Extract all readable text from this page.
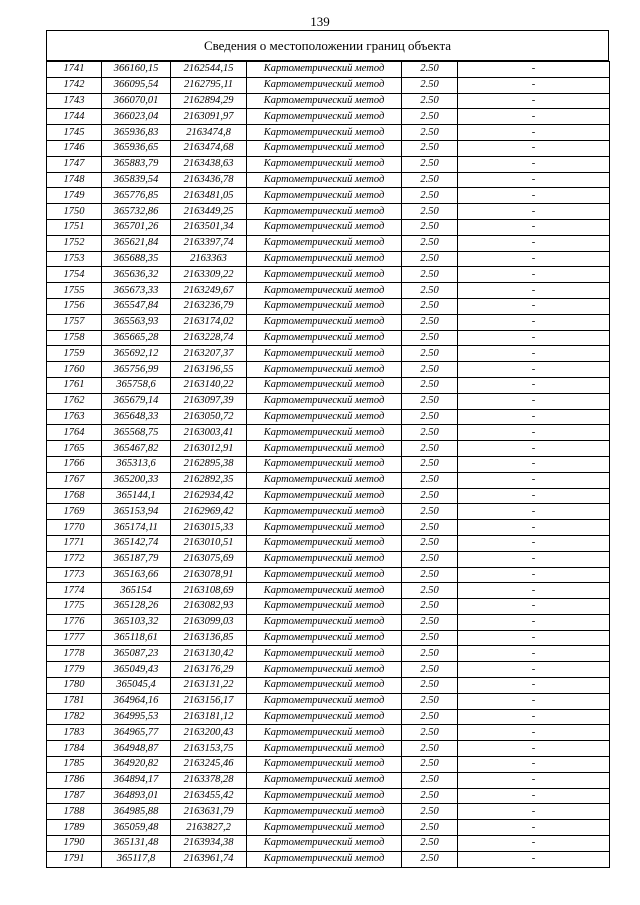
139
Сведения о местоположении границ объекта
1741	366160,15	2162544,15	Картометрический метод	2.50	-
1742	366095,54	2162795,11	Картометрический метод	2.50	-
1743	366070,01	2162894,29	Картометрический метод	2.50	-
1744	366023,04	2163091,97	Картометрический метод	2.50	-
1745	365936,83	2163474,8	Картометрический метод	2.50	-
1746	365936,65	2163474,68	Картометрический метод	2.50	-
1747	365883,79	2163438,63	Картометрический метод	2.50	-
1748	365839,54	2163436,78	Картометрический метод	2.50	-
1749	365776,85	2163481,05	Картометрический метод	2.50	-
1750	365732,86	2163449,25	Картометрический метод	2.50	-
1751	365701,26	2163501,34	Картометрический метод	2.50	-
1752	365621,84	2163397,74	Картометрический метод	2.50	-
1753	365688,35	2163363	Картометрический метод	2.50	-
1754	365636,32	2163309,22	Картометрический метод	2.50	-
1755	365673,33	2163249,67	Картометрический метод	2.50	-
1756	365547,84	2163236,79	Картометрический метод	2.50	-
1757	365563,93	2163174,02	Картометрический метод	2.50	-
1758	365665,28	2163228,74	Картометрический метод	2.50	-
1759	365692,12	2163207,37	Картометрический метод	2.50	-
1760	365756,99	2163196,55	Картометрический метод	2.50	-
1761	365758,6	2163140,22	Картометрический метод	2.50	-
1762	365679,14	2163097,39	Картометрический метод	2.50	-
1763	365648,33	2163050,72	Картометрический метод	2.50	-
1764	365568,75	2163003,41	Картометрический метод	2.50	-
1765	365467,82	2163012,91	Картометрический метод	2.50	-
1766	365313,6	2162895,38	Картометрический метод	2.50	-
1767	365200,33	2162892,35	Картометрический метод	2.50	-
1768	365144,1	2162934,42	Картометрический метод	2.50	-
1769	365153,94	2162969,42	Картометрический метод	2.50	-
1770	365174,11	2163015,33	Картометрический метод	2.50	-
1771	365142,74	2163010,51	Картометрический метод	2.50	-
1772	365187,79	2163075,69	Картометрический метод	2.50	-
1773	365163,66	2163078,91	Картометрический метод	2.50	-
1774	365154	2163108,69	Картометрический метод	2.50	-
1775	365128,26	2163082,93	Картометрический метод	2.50	-
1776	365103,32	2163099,03	Картометрический метод	2.50	-
1777	365118,61	2163136,85	Картометрический метод	2.50	-
1778	365087,23	2163130,42	Картометрический метод	2.50	-
1779	365049,43	2163176,29	Картометрический метод	2.50	-
1780	365045,4	2163131,22	Картометрический метод	2.50	-
1781	364964,16	2163156,17	Картометрический метод	2.50	-
1782	364995,53	2163181,12	Картометрический метод	2.50	-
1783	364965,77	2163200,43	Картометрический метод	2.50	-
1784	364948,87	2163153,75	Картометрический метод	2.50	-
1785	364920,82	2163245,46	Картометрический метод	2.50	-
1786	364894,17	2163378,28	Картометрический метод	2.50	-
1787	364893,01	2163455,42	Картометрический метод	2.50	-
1788	364985,88	2163631,79	Картометрический метод	2.50	-
1789	365059,48	2163827,2	Картометрический метод	2.50	-
1790	365131,48	2163934,38	Картометрический метод	2.50	-
1791	365117,8	2163961,74	Картометрический метод	2.50	-
